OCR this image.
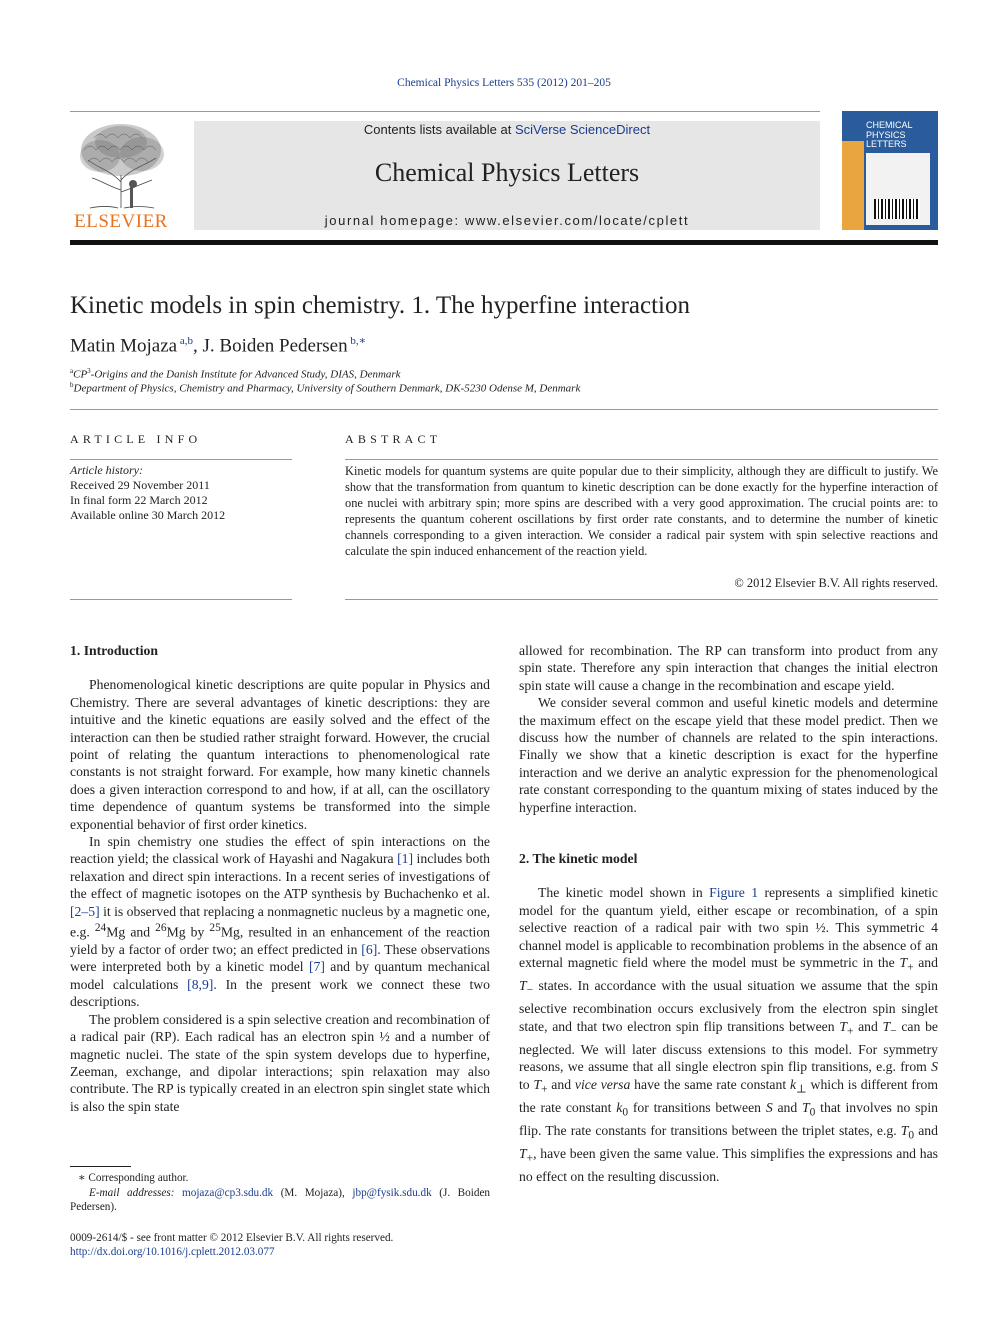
Chemical Physics Letters 535 (2012) 201–205
ELSEVIER
Contents lists available at SciVerse ScienceDirect
Chemical Physics Letters
journal homepage: www.elsevier.com/locate/cplett
CHEMICAL
PHYSICS
LETTERS
Kinetic models in spin chemistry. 1. The hyperfine interaction
Matin Mojaza $^{a,b}$, J. Boiden Pedersen $^{b,∗}$
$^aCP^3$-Origins and the Danish Institute for Advanced Study, DIAS, Denmark
$^b$Department of Physics, Chemistry and Pharmacy, University of Southern Denmark, DK-5230 Odense M, Denmark
ARTICLE INFO	ABSTRACT
Article history:
Received 29 November 2011
In final form 22 March 2012
Available online 30 March 2012
Kinetic models for quantum systems are quite popular due to their simplicity, although they are difficult to justify. We show that the transformation from quantum to kinetic description can be done exactly for the hyperfine interaction of one nuclei with arbitrary spin; more spins are described with a very good approximation. The crucial points are: to represents the quantum coherent oscillations by first order rate constants, and to determine the number of kinetic channels corresponding to a given interaction. We consider a radical pair system with spin selective reactions and calculate the spin induced enhancement of the reaction yield.
© 2012 Elsevier B.V. All rights reserved.
1. Introduction

Phenomenological kinetic descriptions are quite popular in Physics and Chemistry. There are several advantages of kinetic descriptions: they are intuitive and the kinetic equations are easily solved and the effect of the interaction can then be studied rather straight forward. However, the crucial point of relating the quantum interactions to phenomenological rate constants is not straight forward. For example, how many kinetic channels does a given interaction correspond to and how, if at all, can the oscillatory time dependence of quantum systems be transformed into the simple exponential behavior of first order kinetics.

In spin chemistry one studies the effect of spin interactions on the reaction yield; the classical work of Hayashi and Nagakura [1] includes both relaxation and direct spin interactions. In a recent series of investigations of the effect of magnetic isotopes on the ATP synthesis by Buchachenko et al. [2–5] it is observed that replacing a nonmagnetic nucleus by a magnetic one, e.g. $^{24}$Mg and $^{26}$Mg by $^{25}$Mg, resulted in an enhancement of the reaction yield by a factor of order two; an effect predicted in [6]. These observations were interpreted both by a kinetic model [7] and by quantum mechanical model calculations [8,9]. In the present work we connect these two descriptions.

The problem considered is a spin selective creation and recombination of a radical pair (RP). Each radical has an electron spin ½ and a number of magnetic nuclei. The state of the spin system develops due to hyperfine, Zeeman, exchange, and dipolar interactions; spin relaxation may also contribute. The RP is typically created in an electron spin singlet state which is also the spin state

allowed for recombination. The RP can transform into product from any spin state. Therefore any spin interaction that changes the initial electron spin state will cause a change in the recombination and escape yield.

We consider several common and useful kinetic models and determine the maximum effect on the escape yield that these model predict. Then we discuss how the number of channels are related to the spin interactions. Finally we show that a kinetic description is exact for the hyperfine interaction and we derive an analytic expression for the phenomenological rate constant corresponding to the quantum mixing of states induced by the hyperfine interaction.

2. The kinetic model

The kinetic model shown in Figure 1 represents a simplified kinetic model for the quantum yield, either escape or recombination, of a spin selective reaction of a radical pair with two spin ½. This symmetric 4 channel model is applicable to recombination problems in the absence of an external magnetic field where the model must be symmetric in the $T_+$ and $T_-$ states. In accordance with the usual situation we assume that the spin selective recombination occurs exclusively from the electron spin singlet state, and that two electron spin flip transitions between $T_+$ and $T_-$ can be neglected. We will later discuss extensions to this model. For symmetry reasons, we assume that all single electron spin flip transitions, e.g. from S to $T_+$ and vice versa have the same rate constant $k_\perp$ which is different from the rate constant $k_0$ for transitions between S and $T_0$ that involves no spin flip. The rate constants for transitions between the triplet states, e.g. $T_0$ and $T_+$, have been given the same value. This simplifies the expressions and has no effect on the resulting discussion.

∗ Corresponding author.
E-mail addresses: mojaza@cp3.sdu.dk (M. Mojaza), jbp@fysik.sdu.dk (J. Boiden Pedersen).
0009-2614/$ - see front matter © 2012 Elsevier B.V. All rights reserved.
http://dx.doi.org/10.1016/j.cplett.2012.03.077
